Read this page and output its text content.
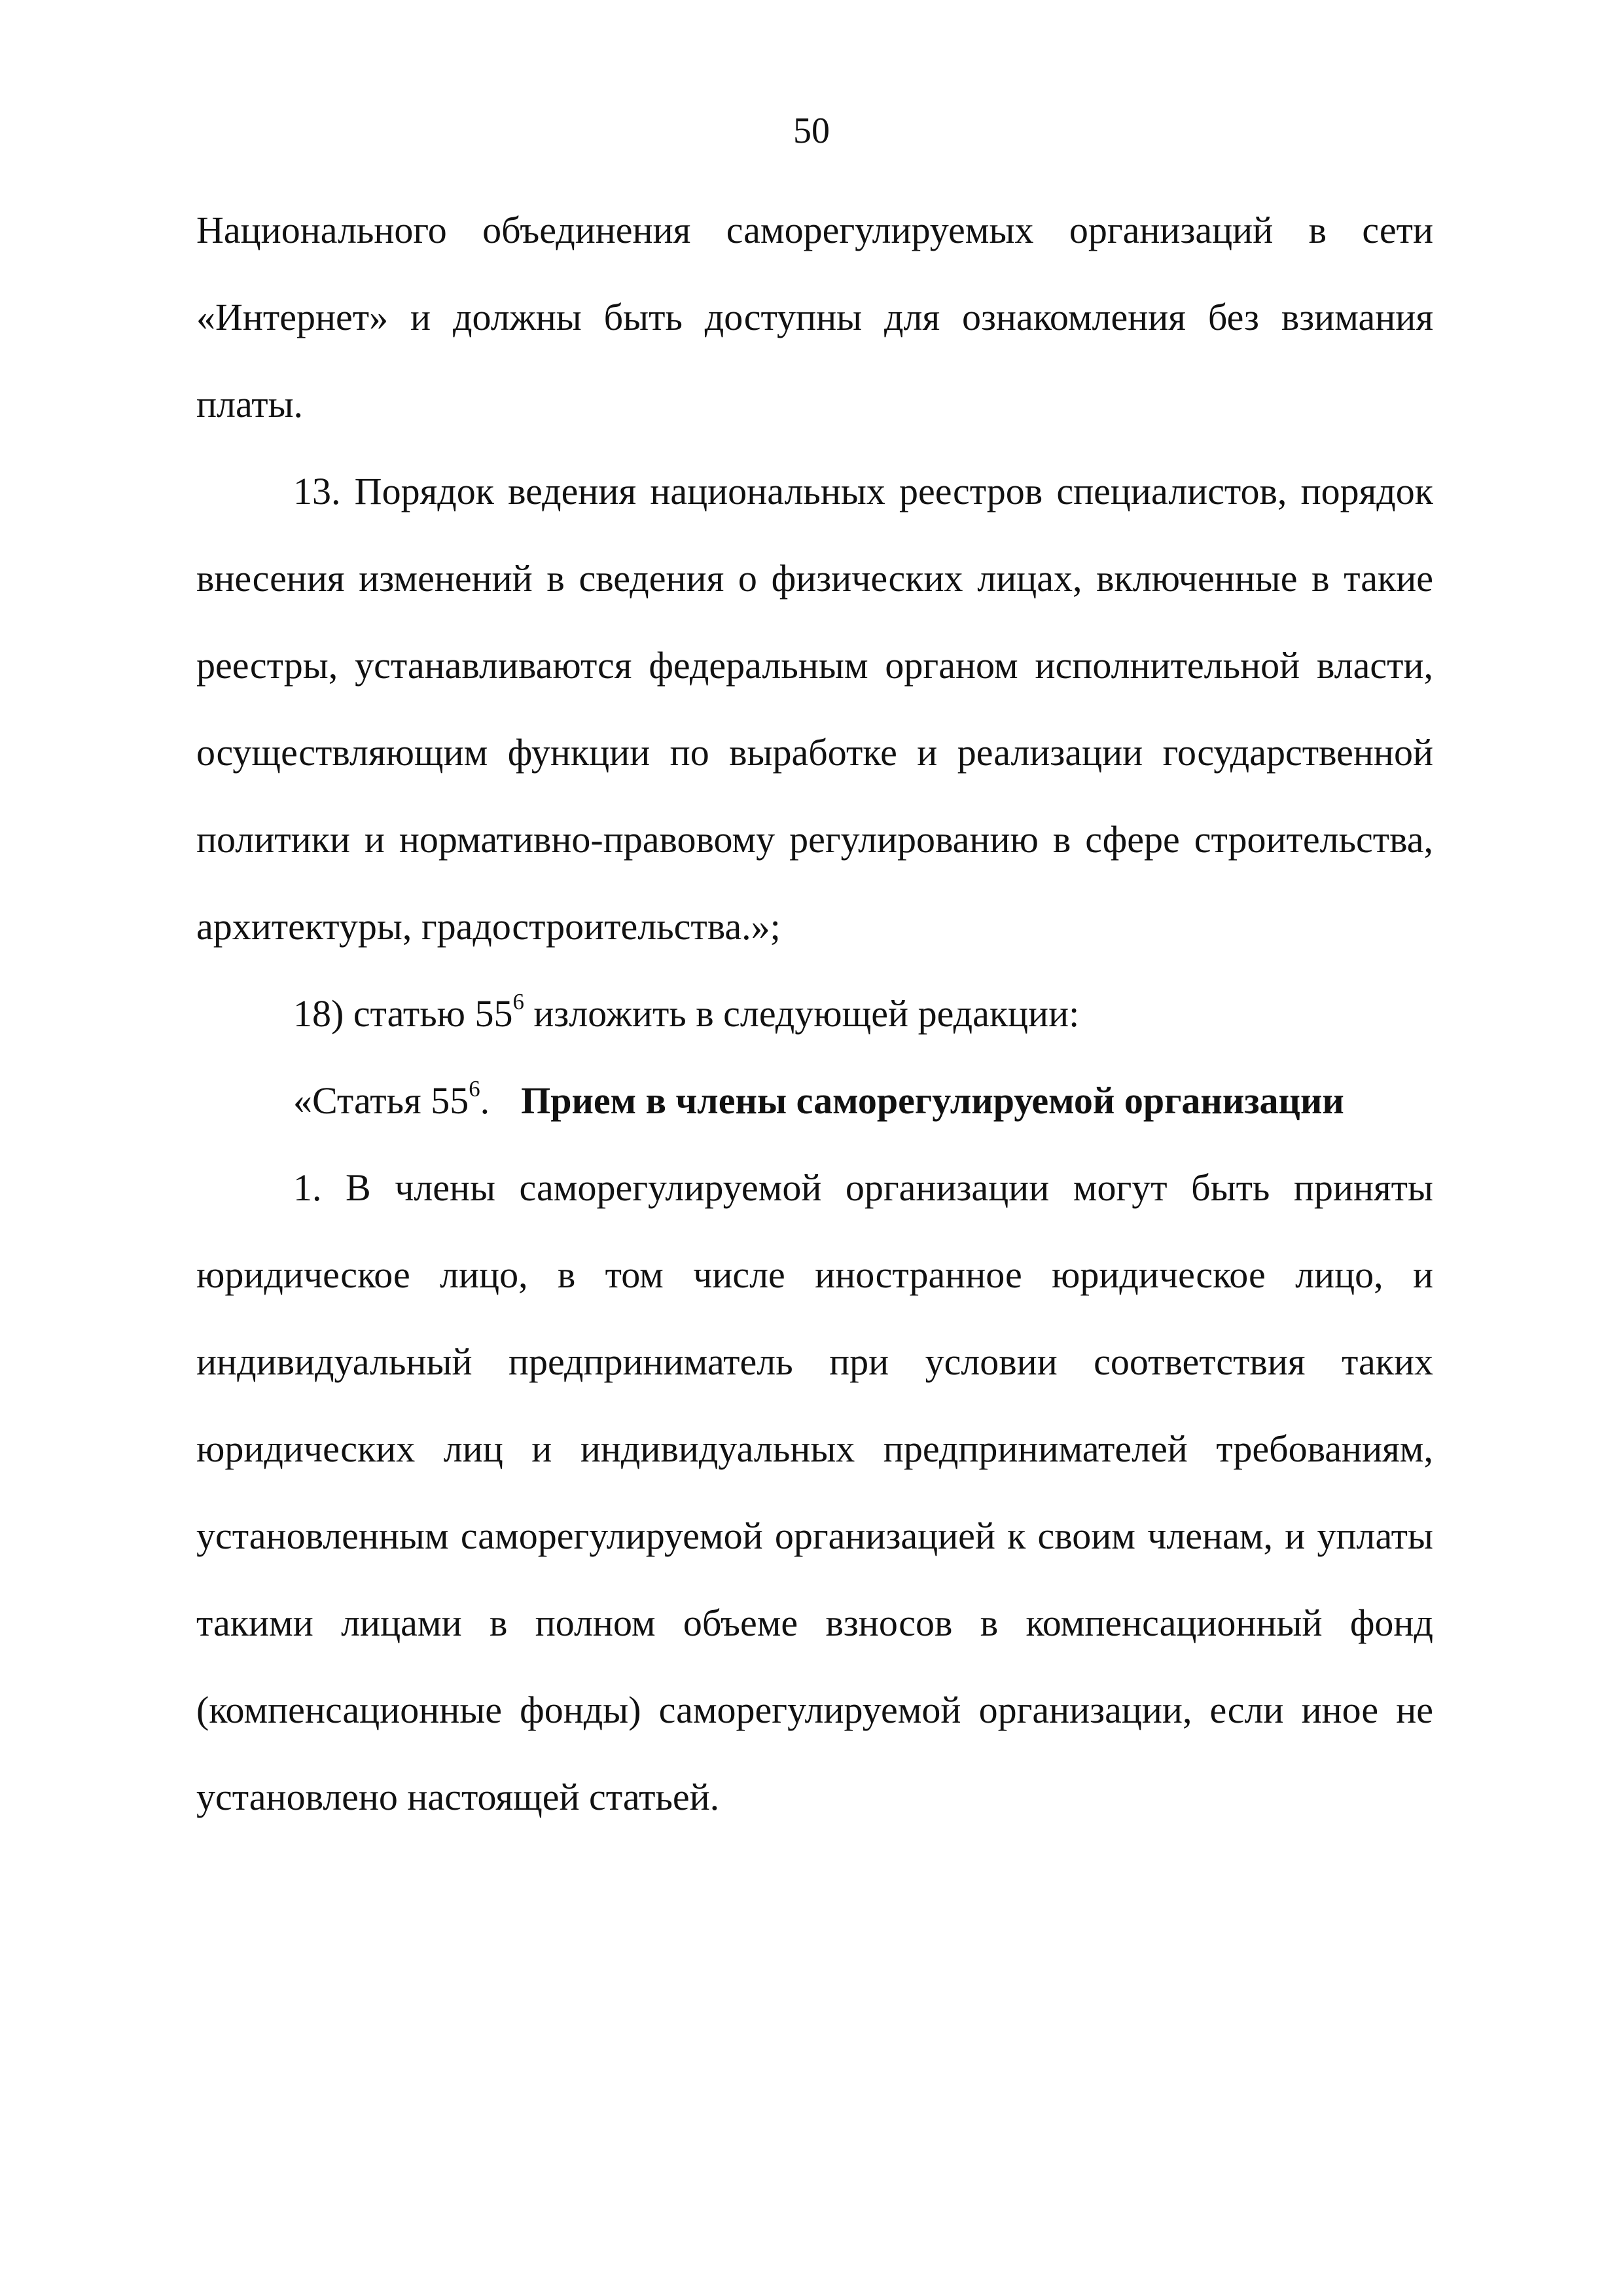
50

Национального объединения саморегулируемых организаций в сети «Интернет» и должны быть доступны для ознакомления без взимания платы.

13. Порядок ведения национальных реестров специалистов, порядок внесения изменений в сведения о физических лицах, включенные в такие реестры, устанавливаются федеральным органом исполнительной власти, осуществляющим функции по выработке и реализации государственной политики и нормативно-правовому регулированию в сфере строительства, архитектуры, градостроительства.»;

18) статью $55^6$ изложить в следующей редакции:

«Статья $55^6$. Прием в члены саморегулируемой организации

1. В члены саморегулируемой организации могут быть приняты юридическое лицо, в том числе иностранное юридическое лицо, и индивидуальный предприниматель при условии соответствия таких юридических лиц и индивидуальных предпринимателей требованиям, установленным саморегулируемой организацией к своим членам, и уплаты такими лицами в полном объеме взносов в компенсационный фонд (компенсационные фонды) саморегулируемой организации, если иное не установлено настоящей статьей.
